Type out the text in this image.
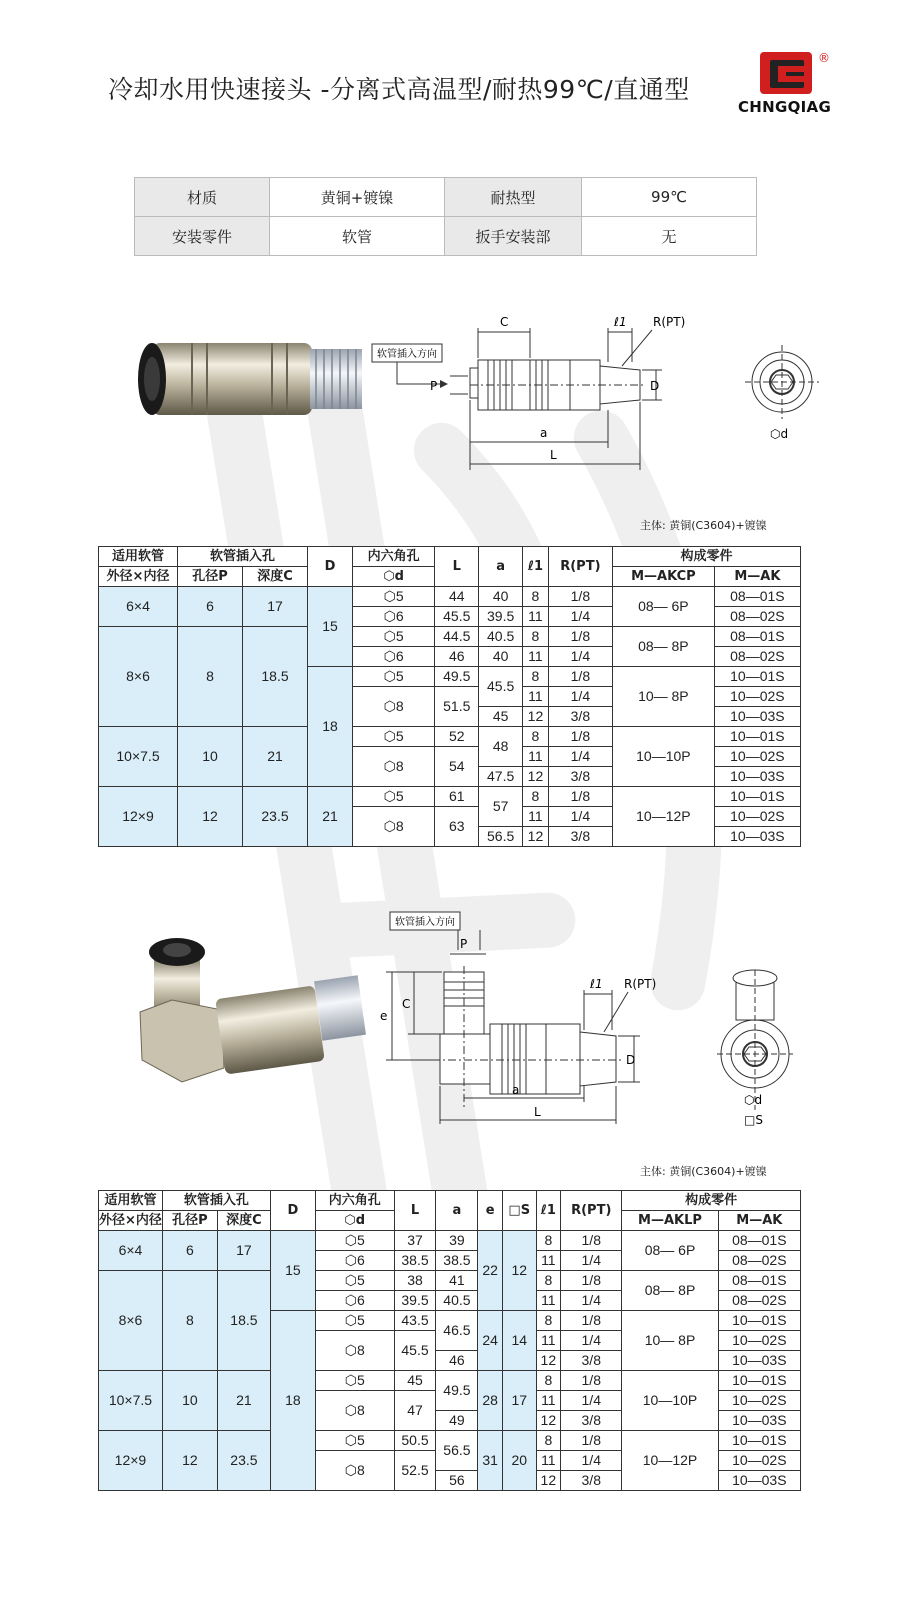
冷却水用快速接头 -分离式高温型/耐热99℃/直通型
®
CHNGQIAG
材质	黄铜+镀镍	耐热型	99℃
安装零件	软管	扳手安装部	无
软管插入方向
C	ℓ1 R(PT)
D
P
a
L
⬡d
主体: 黄铜(C3604)+镀镍
适用软管	软管插入孔		D	内六角孔	L	a	ℓ1	R(PT)	构成零件	
外径×内径	孔径P	深度C		⬡d					M—AKCP	M—AK
6×4	6	17	15	⬡5	44	40	8	1/8	08— 6P	08—01S
				⬡6	45.5	39.5	11	1/4		08—02S
8×6	8	18.5		⬡5	44.5	40.5	8	1/8	08— 8P	08—01S
				⬡6	46	40	11	1/4		08—02S
			18	⬡5	49.5	45.5	8	1/8	10— 8P	10—01S
				⬡8	51.5		11	1/4		10—02S
						45	12	3/8		10—03S
10×7.5	10	21		⬡5	52	48	8	1/8	10—10P	10—01S
				⬡8	54		11	1/4		10—02S
						47.5	12	3/8		10—03S
12×9	12	23.5	21	⬡5	61	57	8	1/8	10—12P	10—01S
				⬡8	63		11	1/4		10—02S
						56.5	12	3/8		10—03S
软管插入方向
P
e
C
ℓ1 R(PT)
D
a
L
⬡d
□S
主体: 黄铜(C3604)+镀镍
适用软管	软管插入孔		D	内六角孔	L	a	e	□S	ℓ1	R(PT)	构成零件	
外径×内径	孔径P	深度C		⬡d							M—AKLP	M—AK
6×4	6	17	15	⬡5	37	39	22	12	8	1/8	08— 6P	08—01S
				⬡6	38.5	38.5			11	1/4		08—02S
8×6	8	18.5		⬡5	38	41			8	1/8	08— 8P	08—01S
				⬡6	39.5	40.5			11	1/4		08—02S
			18	⬡5	43.5	46.5	24	14	8	1/8	10— 8P	10—01S
				⬡8	45.5				11	1/4		10—02S
						46			12	3/8		10—03S
10×7.5	10	21		⬡5	45	49.5	28	17	8	1/8	10—10P	10—01S
				⬡8	47				11	1/4		10—02S
						49			12	3/8		10—03S
12×9	12	23.5		⬡5	50.5	56.5	31	20	8	1/8	10—12P	10—01S
				⬡8	52.5				11	1/4		10—02S
						56			12	3/8		10—03S
